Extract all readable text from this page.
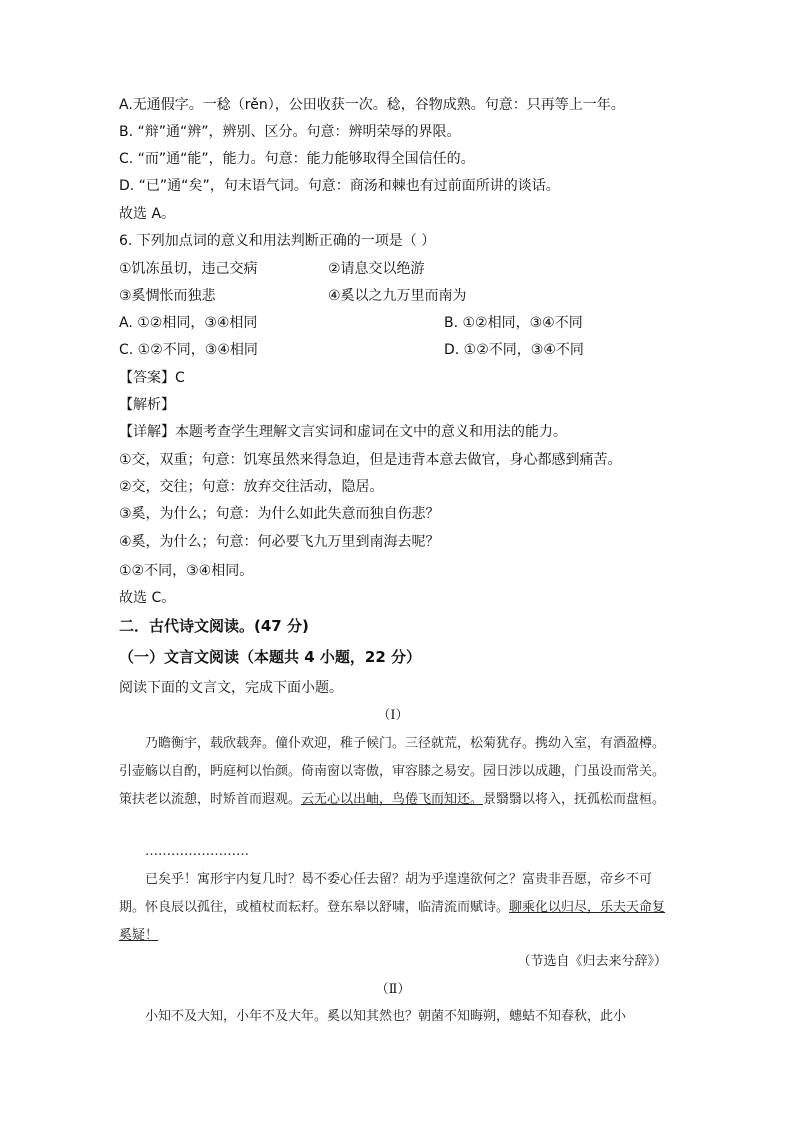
A.无通假字。一稔（rěn），公田收获一次。稔，谷物成熟。句意：只再等上一年。
B. “辩”通“辨”，辨别、区分。句意：辨明荣辱的界限。
C. “而”通“能”，能力。句意：能力能够取得全国信任的。
D. “已”通“矣”，句末语气词。句意：商汤和棘也有过前面所讲的谈话。
故选 A。
6. 下列加点词的意义和用法判断正确的一项是（ ）
①饥冻虽切，违己交病	②请息交以绝游
③奚惆怅而独悲	④奚以之九万里而南为
A. ①②相同，③④相同	B. ①②相同，③④不同
C. ①②不同，③④相同	D. ①②不同，③④不同
【答案】C
【解析】
【详解】本题考查学生理解文言实词和虚词在文中的意义和用法的能力。
①交，双重；句意：饥寒虽然来得急迫，但是违背本意去做官，身心都感到痛苦。
②交，交往；句意：放弃交往活动，隐居。
③奚，为什么；句意：为什么如此失意而独自伤悲？
④奚，为什么；句意：何必要飞九万里到南海去呢？
①②不同，③④相同。
故选 C。
二．古代诗文阅读。(47 分)
（一）文言文阅读（本题共 4 小题，22 分）
阅读下面的文言文，完成下面小题。
（Ⅰ）
乃瞻衡宇，载欣载奔。僮仆欢迎，稚子候门。三径就荒，松菊犹存。携幼入室，有酒盈樽。引壶觞以自酌，眄庭柯以怡颜。倚南窗以寄傲，审容膝之易安。园日涉以成趣，门虽设而常关。策扶老以流憩，时矫首而遐观。云无心以出岫，鸟倦飞而知还。景翳翳以将入，抚孤松而盘桓。
……………………
已矣乎！寓形宇内复几时？曷不委心任去留？胡为乎遑遑欲何之？富贵非吾愿，帝乡不可期。怀良辰以孤往，或植杖而耘耔。登东皋以舒啸，临清流而赋诗。聊乘化以归尽，乐夫天命复奚疑！
（节选自《归去来兮辞》）
（Ⅱ）
小知不及大知，小年不及大年。奚以知其然也？朝菌不知晦朔，蟪蛄不知春秋，此小
